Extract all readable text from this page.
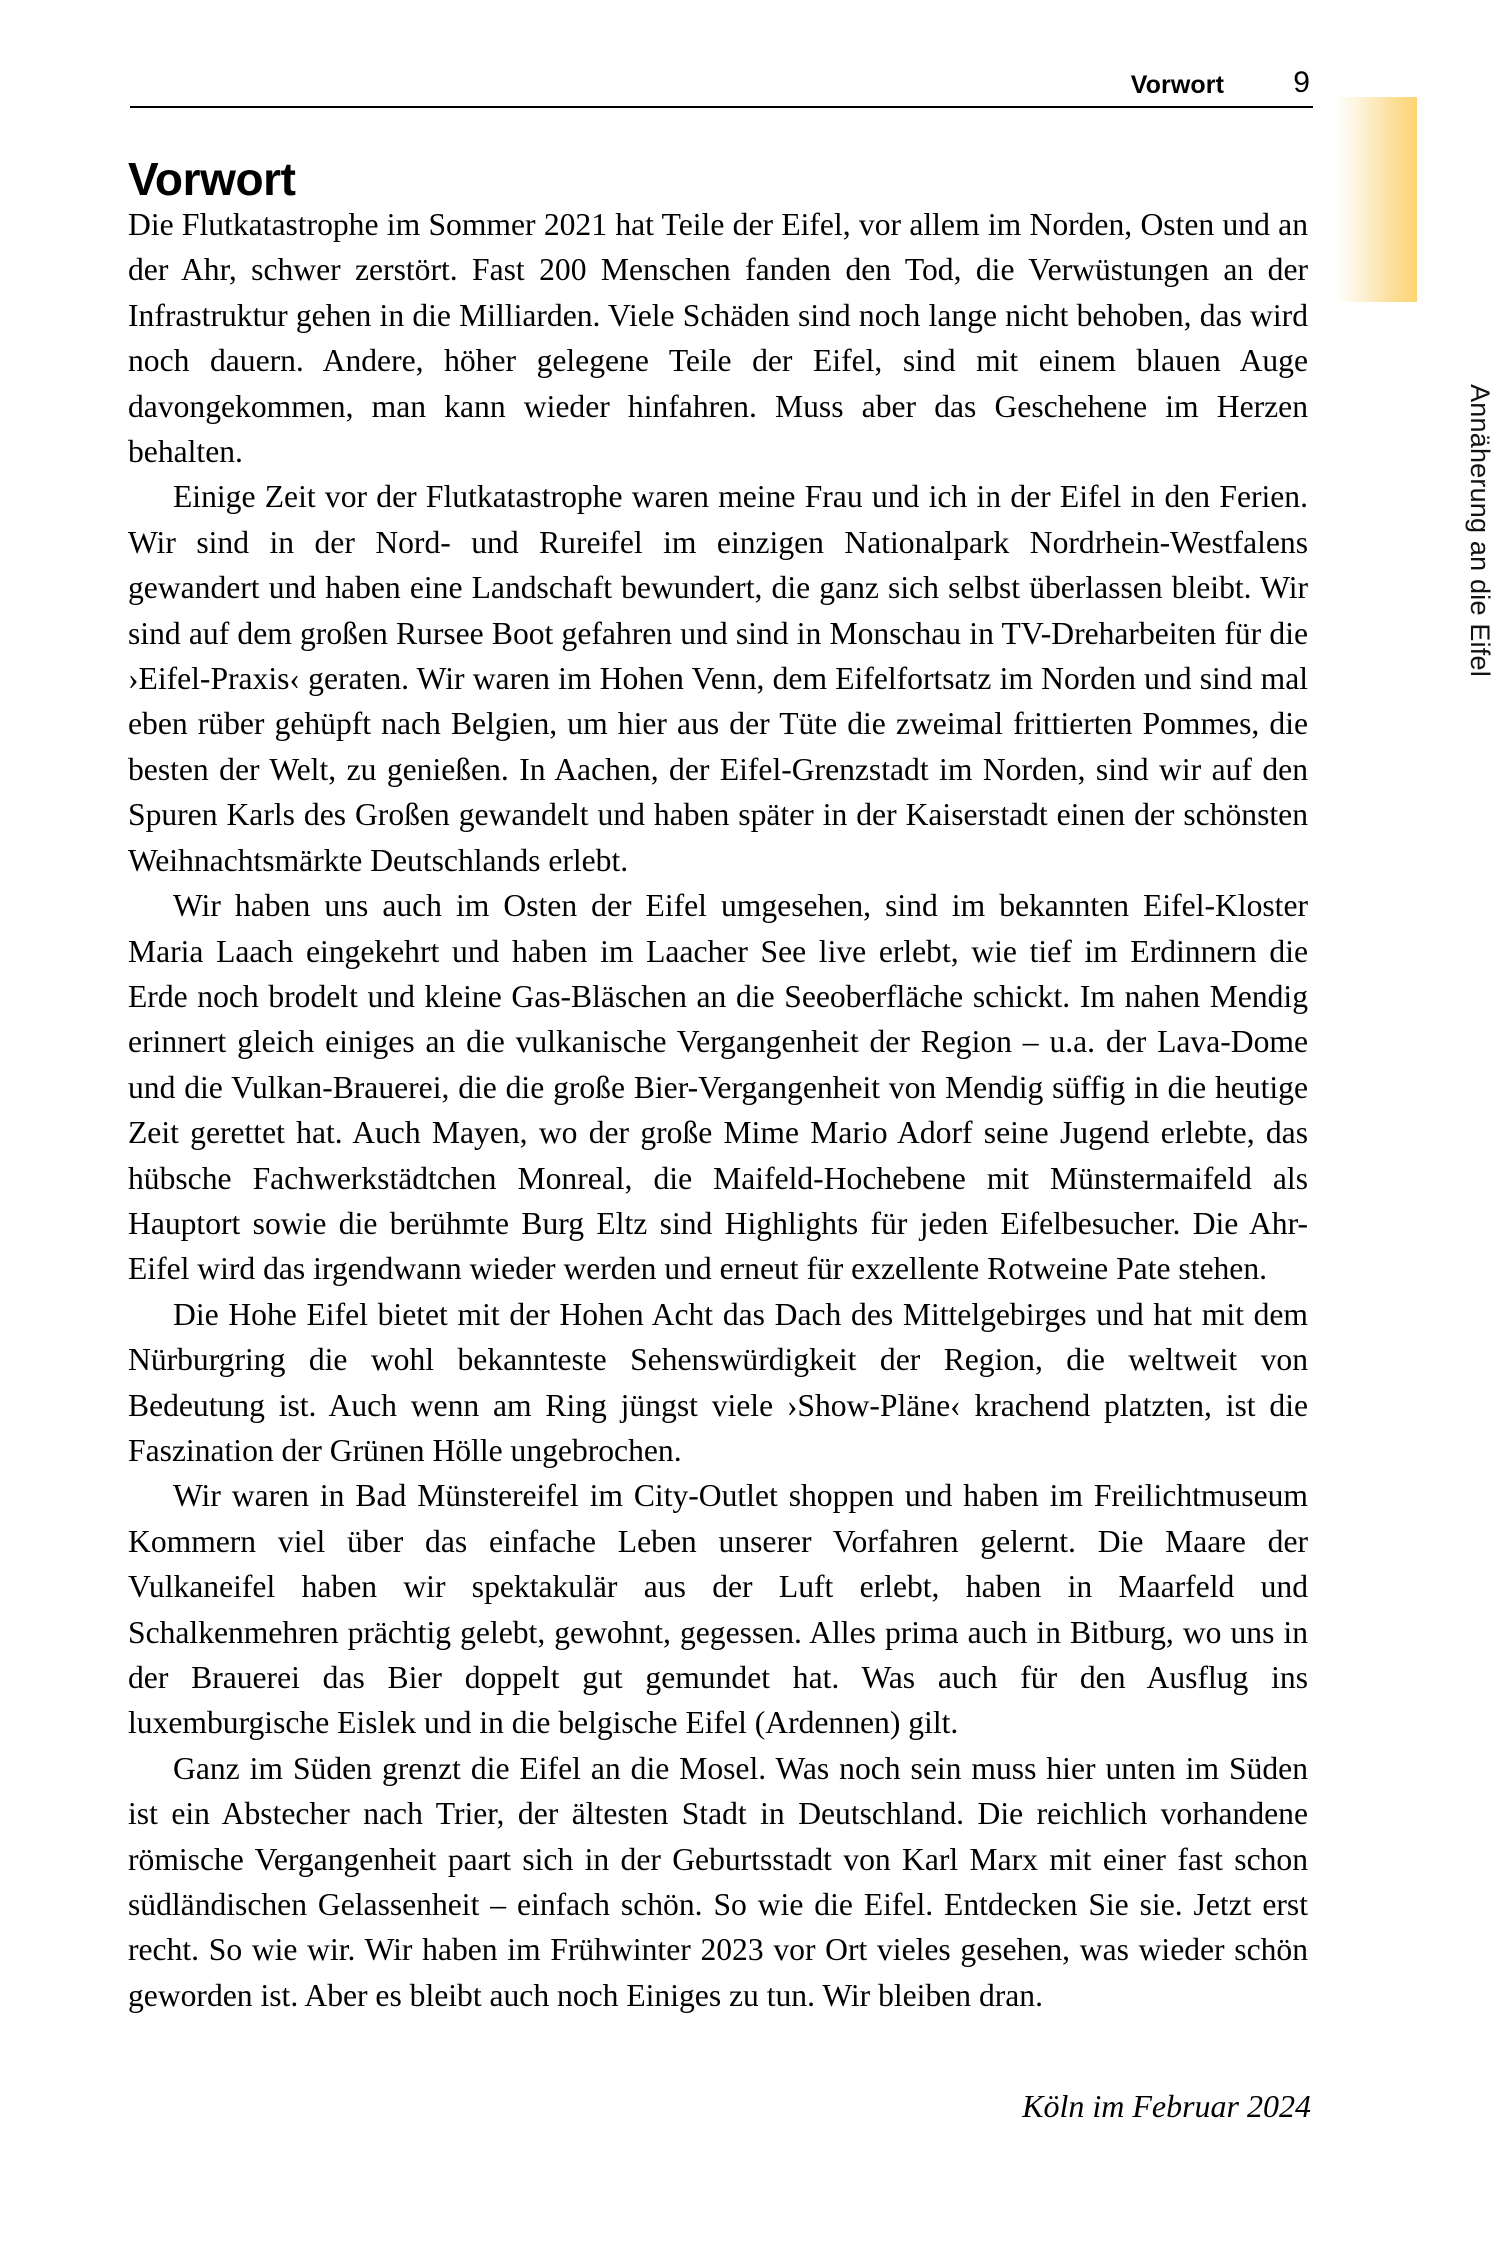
Vorwort	9
Vorwort

Die Flutkatastrophe im Sommer 2021 hat Teile der Eifel, vor allem im Norden, Osten und an der Ahr, schwer zerstört. Fast 200 Menschen fanden den Tod, die Verwüstungen an der Infrastruktur gehen in die Milliarden. Viele Schäden sind noch lange nicht behoben, das wird noch dauern. Andere, höher gelegene Teile der Eifel, sind mit einem blauen Auge davongekommen, man kann wieder hinfahren. Muss aber das Geschehene im Herzen behalten.

Einige Zeit vor der Flutkatastrophe waren meine Frau und ich in der Eifel in den Ferien. Wir sind in der Nord- und Rureifel im einzigen Nationalpark Nordrhein-Westfalens gewandert und haben eine Landschaft bewundert, die ganz sich selbst überlassen bleibt. Wir sind auf dem großen Rursee Boot gefahren und sind in Monschau in TV-Dreharbeiten für die ›Eifel-Praxis‹ geraten. Wir waren im Hohen Venn, dem Eifelfortsatz im Norden und sind mal eben rüber gehüpft nach Belgien, um hier aus der Tüte die zweimal frittierten Pommes, die besten der Welt, zu genießen. In Aachen, der Eifel-Grenzstadt im Norden, sind wir auf den Spuren Karls des Großen gewandelt und haben später in der Kaiserstadt einen der schönsten Weihnachtsmärkte Deutschlands erlebt.

Wir haben uns auch im Osten der Eifel umgesehen, sind im bekannten Eifel-Kloster Maria Laach eingekehrt und haben im Laacher See live erlebt, wie tief im Erdinnern die Erde noch brodelt und kleine Gas-Bläschen an die Seeoberfläche schickt. Im nahen Mendig erinnert gleich einiges an die vulkanische Vergangenheit der Region – u.a. der Lava-Dome und die Vulkan-Brauerei, die die große Bier-Vergangenheit von Mendig süffig in die heutige Zeit gerettet hat. Auch Mayen, wo der große Mime Mario Adorf seine Jugend erlebte, das hübsche Fachwerkstädtchen Monreal, die Maifeld-Hochebene mit Münstermaifeld als Hauptort sowie die berühmte Burg Eltz sind Highlights für jeden Eifelbesucher. Die Ahr-Eifel wird das irgendwann wieder werden und erneut für exzellente Rotweine Pate stehen.

Die Hohe Eifel bietet mit der Hohen Acht das Dach des Mittelgebirges und hat mit dem Nürburgring die wohl bekannteste Sehenswürdigkeit der Region, die weltweit von Bedeutung ist. Auch wenn am Ring jüngst viele ›Show-Pläne‹ krachend platzten, ist die Faszination der Grünen Hölle ungebrochen.

Wir waren in Bad Münstereifel im City-Outlet shoppen und haben im Freilichtmuseum Kommern viel über das einfache Leben unserer Vorfahren gelernt. Die Maare der Vulkaneifel haben wir spektakulär aus der Luft erlebt, haben in Maarfeld und Schalkenmehren prächtig gelebt, gewohnt, gegessen. Alles prima auch in Bitburg, wo uns in der Brauerei das Bier doppelt gut gemundet hat. Was auch für den Ausflug ins luxemburgische Eislek und in die belgische Eifel (Ardennen) gilt.

Ganz im Süden grenzt die Eifel an die Mosel. Was noch sein muss hier unten im Süden ist ein Abstecher nach Trier, der ältesten Stadt in Deutschland. Die reichlich vorhandene römische Vergangenheit paart sich in der Geburtsstadt von Karl Marx mit einer fast schon südländischen Gelassenheit – einfach schön. So wie die Eifel. Entdecken Sie sie. Jetzt erst recht. So wie wir. Wir haben im Frühwinter 2023 vor Ort vieles gesehen, was wieder schön geworden ist. Aber es bleibt auch noch Einiges zu tun. Wir bleiben dran.

Köln im Februar 2024
Annäherung an die Eifel
